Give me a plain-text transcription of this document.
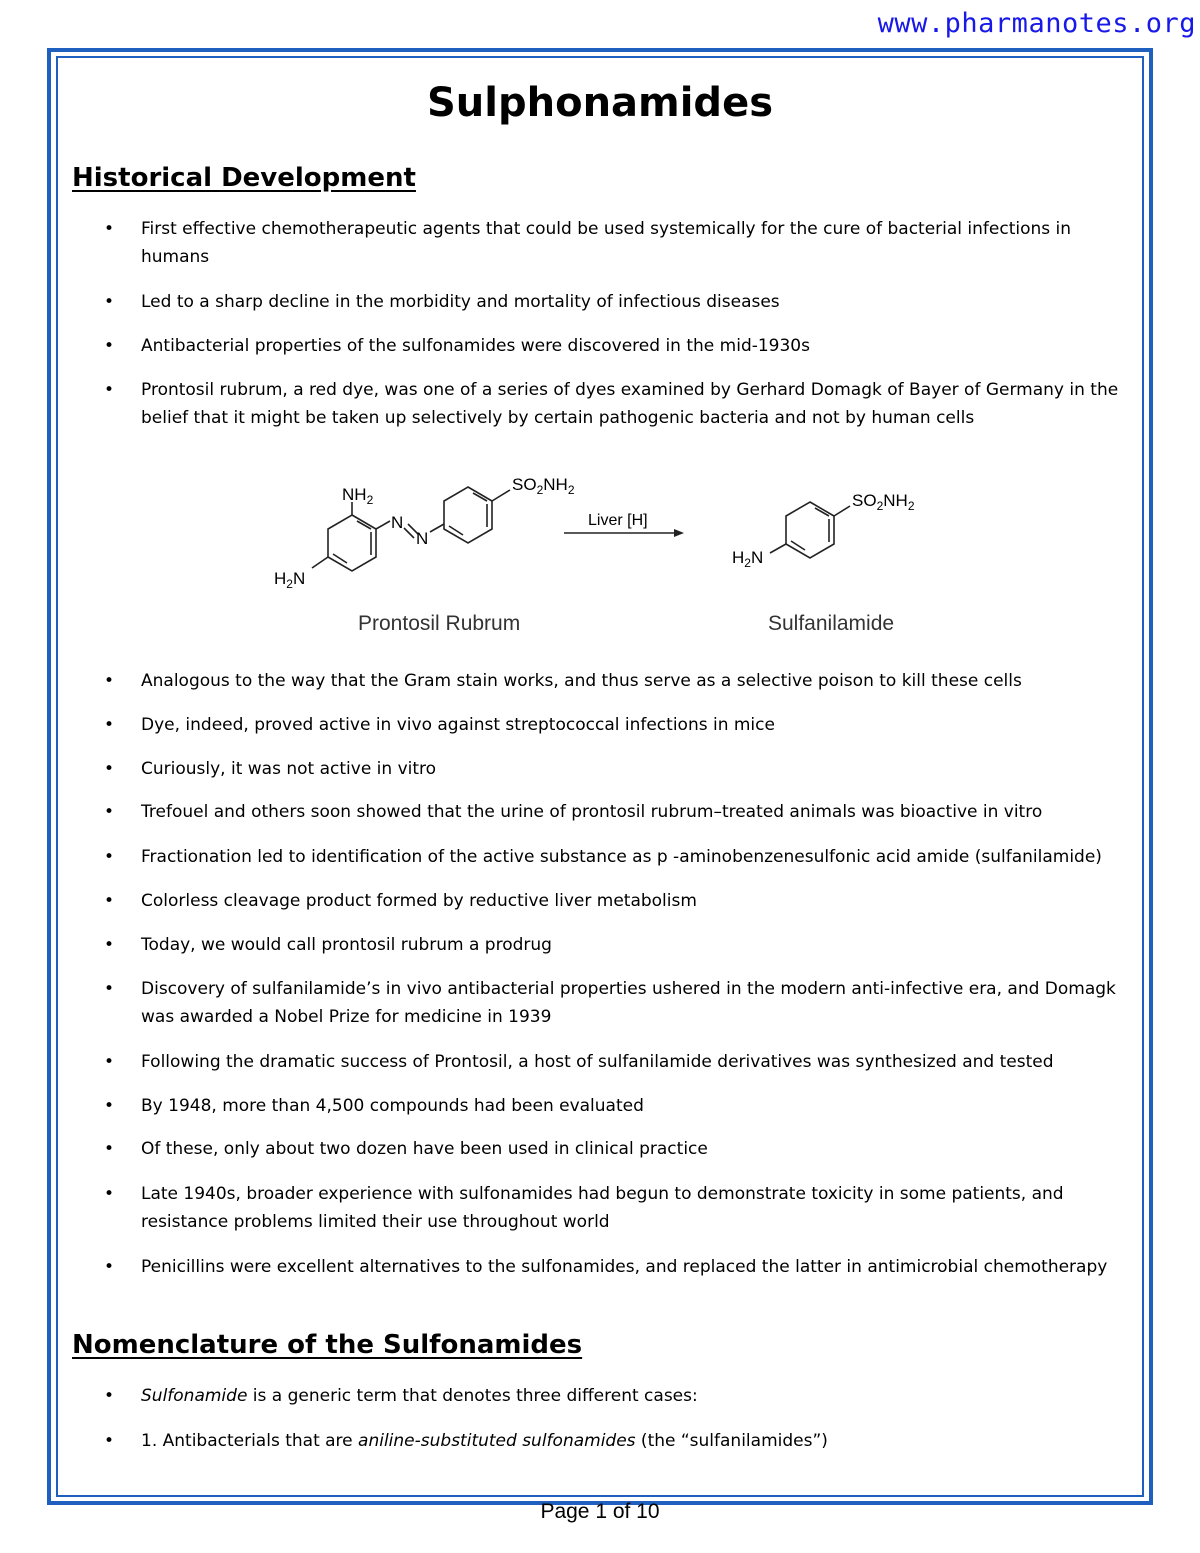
www.pharmanotes.org
Sulphonamides
Historical Development
• First effective chemotherapeutic agents that could be used systemically for the cure of bacterial infections in humans
• Led to a sharp decline in the morbidity and mortality of infectious diseases
• Antibacterial properties of the sulfonamides were discovered in the mid-1930s
• Prontosil rubrum, a red dye, was one of a series of dyes examined by Gerhard Domagk of Bayer of Germany in the belief that it might be taken up selectively by certain pathogenic bacteria and not by human cells
$NH_2$
$H_2N$
N
N
$SO_2NH_2$
Prontosil Rubrum
Liver [H]
$SO_2NH_2$
$H_2N$
Sulfanilamide
• Analogous to the way that the Gram stain works, and thus serve as a selective poison to kill these cells
• Dye, indeed, proved active in vivo against streptococcal infections in mice
• Curiously, it was not active in vitro
• Trefouel and others soon showed that the urine of prontosil rubrum–treated animals was bioactive in vitro
• Fractionation led to identification of the active substance as p -aminobenzenesulfonic acid amide (sulfanilamide)
• Colorless cleavage product formed by reductive liver metabolism
• Today, we would call prontosil rubrum a prodrug
• Discovery of sulfanilamide’s in vivo antibacterial properties ushered in the modern anti-infective era, and Domagk was awarded a Nobel Prize for medicine in 1939
• Following the dramatic success of Prontosil, a host of sulfanilamide derivatives was synthesized and tested
• By 1948, more than 4,500 compounds had been evaluated
• Of these, only about two dozen have been used in clinical practice
• Late 1940s, broader experience with sulfonamides had begun to demonstrate toxicity in some patients, and resistance problems limited their use throughout world
• Penicillins were excellent alternatives to the sulfonamides, and replaced the latter in antimicrobial chemotherapy
Nomenclature of the Sulfonamides
• Sulfonamide is a generic term that denotes three different cases:
• 1. Antibacterials that are aniline-substituted sulfonamides (the “sulfanilamides”)
Page 1 of 10
